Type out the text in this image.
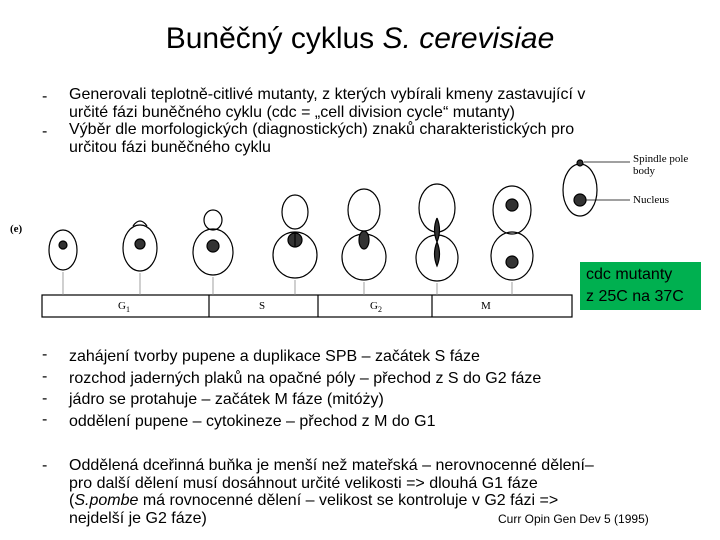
Buněčný cyklus S. cerevisiae
- Generovali teplotně-citlivé mutanty, z kterých vybírali kmeny zastavující v
určité fázi buněčného cyklu (cdc = „cell division cycle“ mutanty)
Výběr dle morfologických (diagnostických) znaků charakteristických pro
určitou fázi buněčného cyklu
-
(e)
Spindle pole
body
Nucleus
$G_1$	S	$G_2$	M
cdc mutanty
z 25C na 37C
-
-
-
-
zahájení tvorby pupene a duplikace SPB – začátek S fáze
rozchod jaderných plaků na opačné póly – přechod z S do G2 fáze
jádro se protahuje – začátek M fáze (mitóży)
oddělení pupene – cytokineze – přechod z M do G1
- Oddělená dceřinná buňka je menší než mateřská – nerovnocenné dělení–
pro další dělení musí dosáhnout určité velikosti => dlouhá G1 fáze
(S.pombe má rovnocenné dělení – velikost se kontroluje v G2 fázi =>
nejdelší je G2 fáze)	Curr Opin Gen Dev 5 (1995)
